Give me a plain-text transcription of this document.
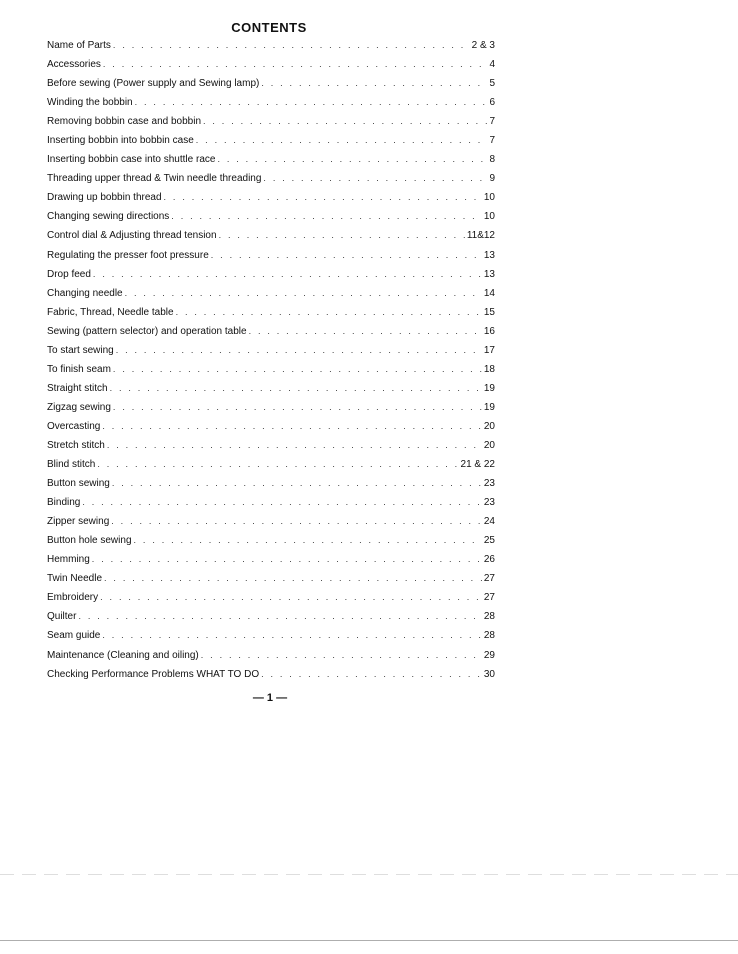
CONTENTS
Name of Parts . . .	2 & 3
Accessories . . .	4
Before sewing (Power supply and Sewing lamp) . . .	5
Winding the bobbin . . .	6
Removing bobbin case and bobbin . . .	7
Inserting bobbin into bobbin case . . .	7
Inserting bobbin case into shuttle race . . .	8
Threading upper thread & Twin needle threading . . .	9
Drawing up bobbin thread . . .	10
Changing sewing directions . . .	10
Control dial & Adjusting thread tension . . .	11&12
Regulating the presser foot pressure . . .	13
Drop feed . . .	13
Changing needle . . .	14
Fabric, Thread, Needle table . . .	15
Sewing (pattern selector) and operation table . . .	16
To start sewing . . .	17
To finish seam . . .	18
Straight stitch . . .	19
Zigzag sewing . . .	19
Overcasting . . .	20
Stretch stitch . . .	20
Blind stitch . . .	21 & 22
Button sewing . . .	23
Binding . . .	23
Zipper sewing . . .	24
Button hole sewing . . .	25
Hemming . . .	26
Twin Needle . . .	27
Embroidery . . .	27
Quilter . . .	28
Seam guide . . .	28
Maintenance (Cleaning and oiling) . . .	29
Checking Performance Problems WHAT TO DO . . .	30
— 1 —
